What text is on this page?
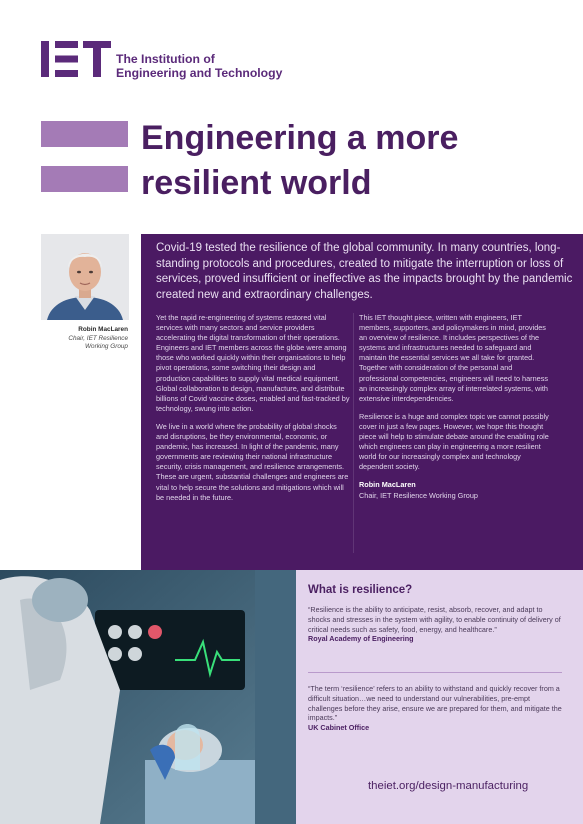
The Institution of
Engineering and Technology
Engineering a more
resilient world
Robin MacLaren
Chair, IET Resilience
Working Group

Covid-19 tested the resilience of the global community. In many countries, long-standing protocols and procedures, created to mitigate the interruption or loss of services, proved insufficient or ineffective as the impacts brought by the pandemic created new and extraordinary challenges.

Yet the rapid re-engineering of systems restored vital services with many sectors and service providers accelerating the digital transformation of their operations. Engineers and IET members across the globe were among those who worked quickly within their organisations to help pivot operations, some switching their design and production capabilities to supply vital medical equipment. Global collaboration to design, manufacture, and distribute billions of Covid vaccine doses, enabled and fast-tracked by technology, swung into action.

We live in a world where the probability of global shocks and disruptions, be they environmental, economic, or pandemic, has increased. In light of the pandemic, many governments are reviewing their national infrastructure security, crisis management, and resilience arrangements. These are urgent, substantial challenges and engineers are vital to help secure the solutions and mitigations which will be needed in the future.

This IET thought piece, written with engineers, IET members, supporters, and policymakers in mind, provides an overview of resilience. It includes perspectives of the systems and infrastructures needed to safeguard and maintain the essential services we all take for granted. Together with consideration of the personal and professional competencies, engineers will need to harness an increasingly complex array of interrelated systems, with extensive interdependencies.

Resilience is a huge and complex topic we cannot possibly cover in just a few pages. However, we hope this thought piece will help to stimulate debate around the enabling role which engineers can play in engineering a more resilient world for our increasingly complex and technology dependent society.

Robin MacLaren

Chair, IET Resilience Working Group

What is resilience?
“Resilience is the ability to anticipate, resist, absorb, recover, and adapt to shocks and stresses in the system with agility, to enable continuity of delivery of critical needs such as safety, food, energy, and healthcare.”
Royal Academy of Engineering
“The term ‘resilience’ refers to an ability to withstand and quickly recover from a difficult situation…we need to understand our vulnerabilities, pre-empt challenges before they arise, ensure we are prepared for them, and mitigate the impacts.”
UK Cabinet Office
theiet.org/design-manufacturing
